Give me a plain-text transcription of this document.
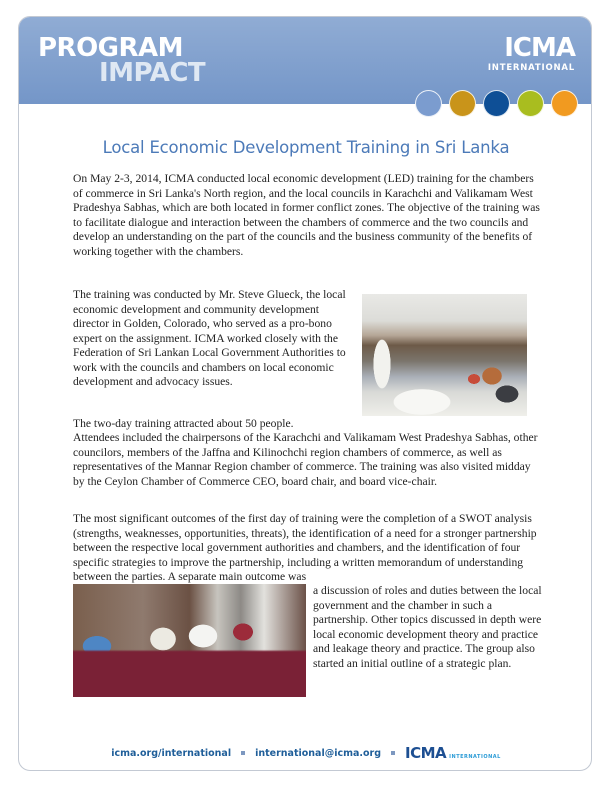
PROGRAM
IMPACT
ICMA
INTERNATIONAL
Local Economic Development Training in Sri Lanka
On May 2-3, 2014, ICMA conducted local economic development (LED) training for the chambers of commerce in Sri Lanka's North region, and the local councils in Karachchi and Valikamam West Pradeshya Sabhas, which are both located in former conflict zones. The objective of the training was to facilitate dialogue and interaction between the chambers of commerce and the two councils and develop an understanding on the part of the councils and the business community of the benefits of working together with the chambers.
The training was conducted by Mr. Steve Glueck, the local economic development and community development director in Golden, Colorado, who served as a pro-bono expert on the assignment. ICMA worked closely with the Federation of Sri Lankan Local Government Authorities to work with the councils and chambers on local economic development and advocacy issues.
The two-day training attracted about 50 people.
Attendees included the chairpersons of the Karachchi and Valikamam West Pradeshya Sabhas, other councilors, members of the Jaffna and Kilinochchi region chambers of commerce, as well as representatives of the Mannar Region chamber of commerce. The training was also visited midday by the Ceylon Chamber of Commerce CEO, board chair, and board vice-chair.
The most significant outcomes of the first day of training were the completion of a SWOT analysis (strengths, weaknesses, opportunities, threats), the identification of a need for a stronger partnership between the respective local government authorities and chambers, and the identification of four specific strategies to improve the partnership, including a written memorandum of understanding between the parties. A separate main outcome was
a discussion of roles and duties between the local government and the chamber in such a partnership. Other topics discussed in depth were local economic development theory and practice and leakage theory and practice. The group also started an initial outline of a strategic plan.
icma.org/international	international@icma.org ICMA INTERNATIONAL
